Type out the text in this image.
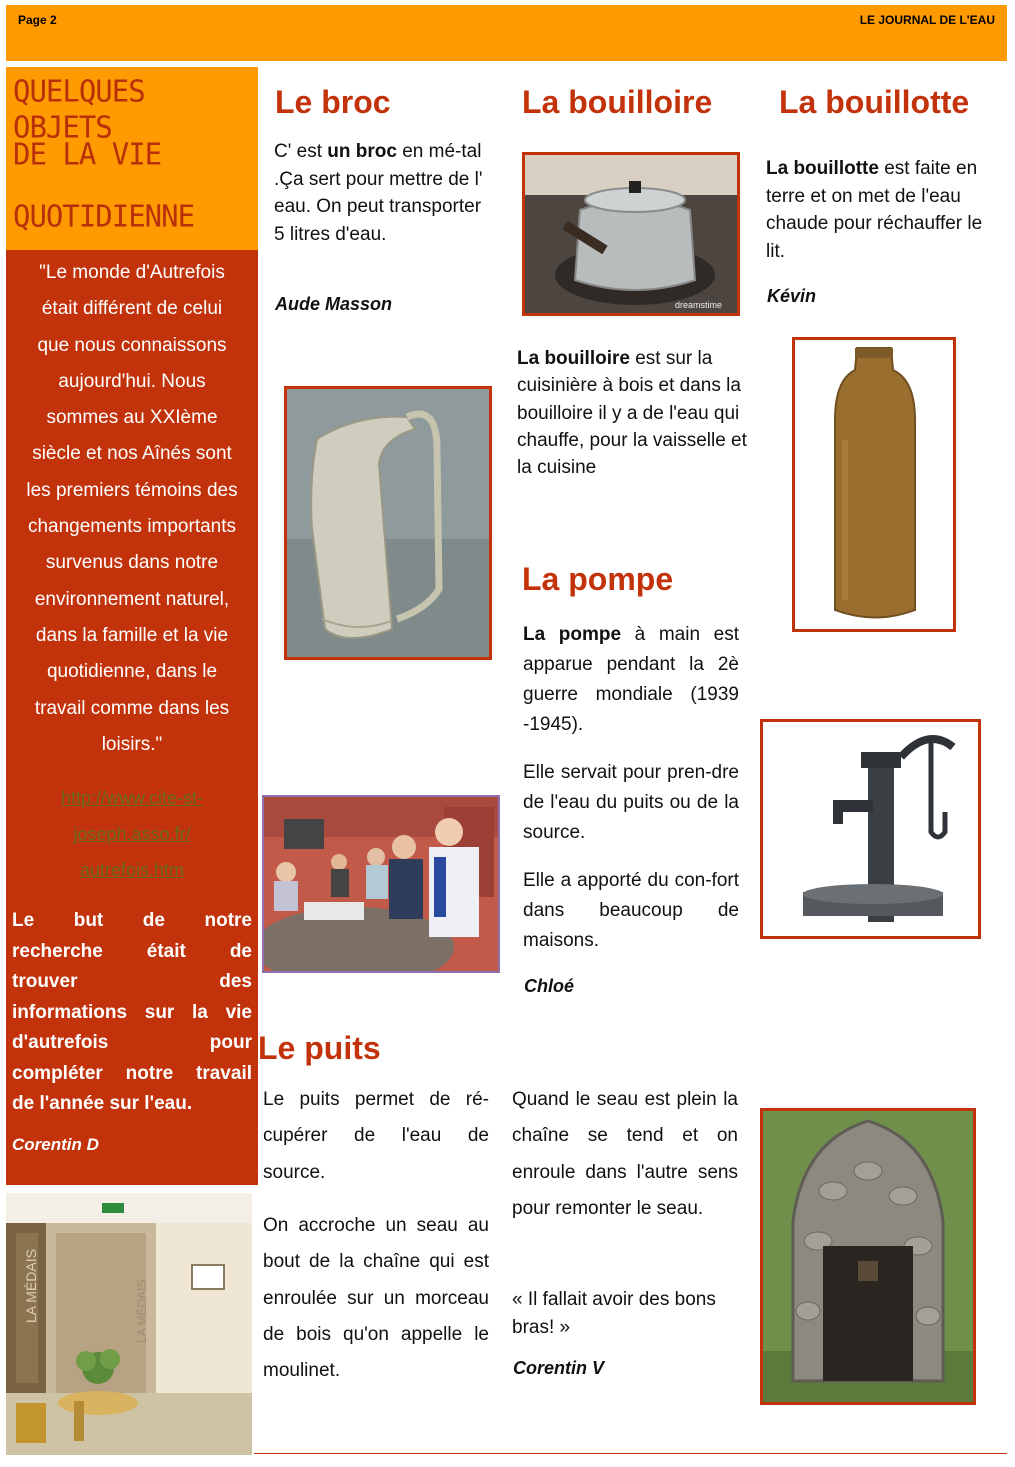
Page 2	LE JOURNAL DE L'EAU
QUELQUES OBJETS
DE LA VIE
QUOTIDIENNE
"Le monde d'Autrefois
était différent de celui
que nous connaissons
aujourd'hui. Nous
sommes au XXIème
siècle et nos Aînés sont
les premiers témoins des
changements importants
survenus dans notre
environnement naturel,
dans la famille et la vie
quotidienne, dans le
travail comme dans les
loisirs."
http://www.cite-st-
joseph.asso.fr/
autrefois.htm
Le but de notre
recherche était de
trouver des
informations sur la vie
d'autrefois pour
compléter notre travail
de l'année sur l'eau.
Corentin D
LA MÉDAIS	LA MÉDAIS
Le broc
C' est un broc en mé-tal .Ça sert pour mettre de l' eau. On peut transporter 5 litres d'eau.
Aude Masson
La bouilloire
dreamstime
La bouilloire est sur la cuisinière à bois et dans la bouilloire il y a de l'eau qui chauffe, pour la vaisselle et la cuisine
La bouillotte
La bouillotte est faite en terre et on met de l'eau chaude pour réchauffer le lit.
Kévin
La pompe
La pompe à main est apparue pendant la 2è guerre mondiale (1939 -1945).
Elle servait pour pren-dre de l'eau du puits ou de la source.
Elle a apporté du con-fort dans beaucoup de maisons.
Chloé
Le puits
Le puits permet de ré-cupérer de l'eau de source.
On accroche un seau au bout de la chaîne qui est enroulée sur un morceau de bois qu'on appelle le moulinet.
Quand le seau est plein la chaîne se tend et on enroule dans l'autre sens pour remonter le seau.
« Il fallait avoir des bons bras! »
Corentin V
